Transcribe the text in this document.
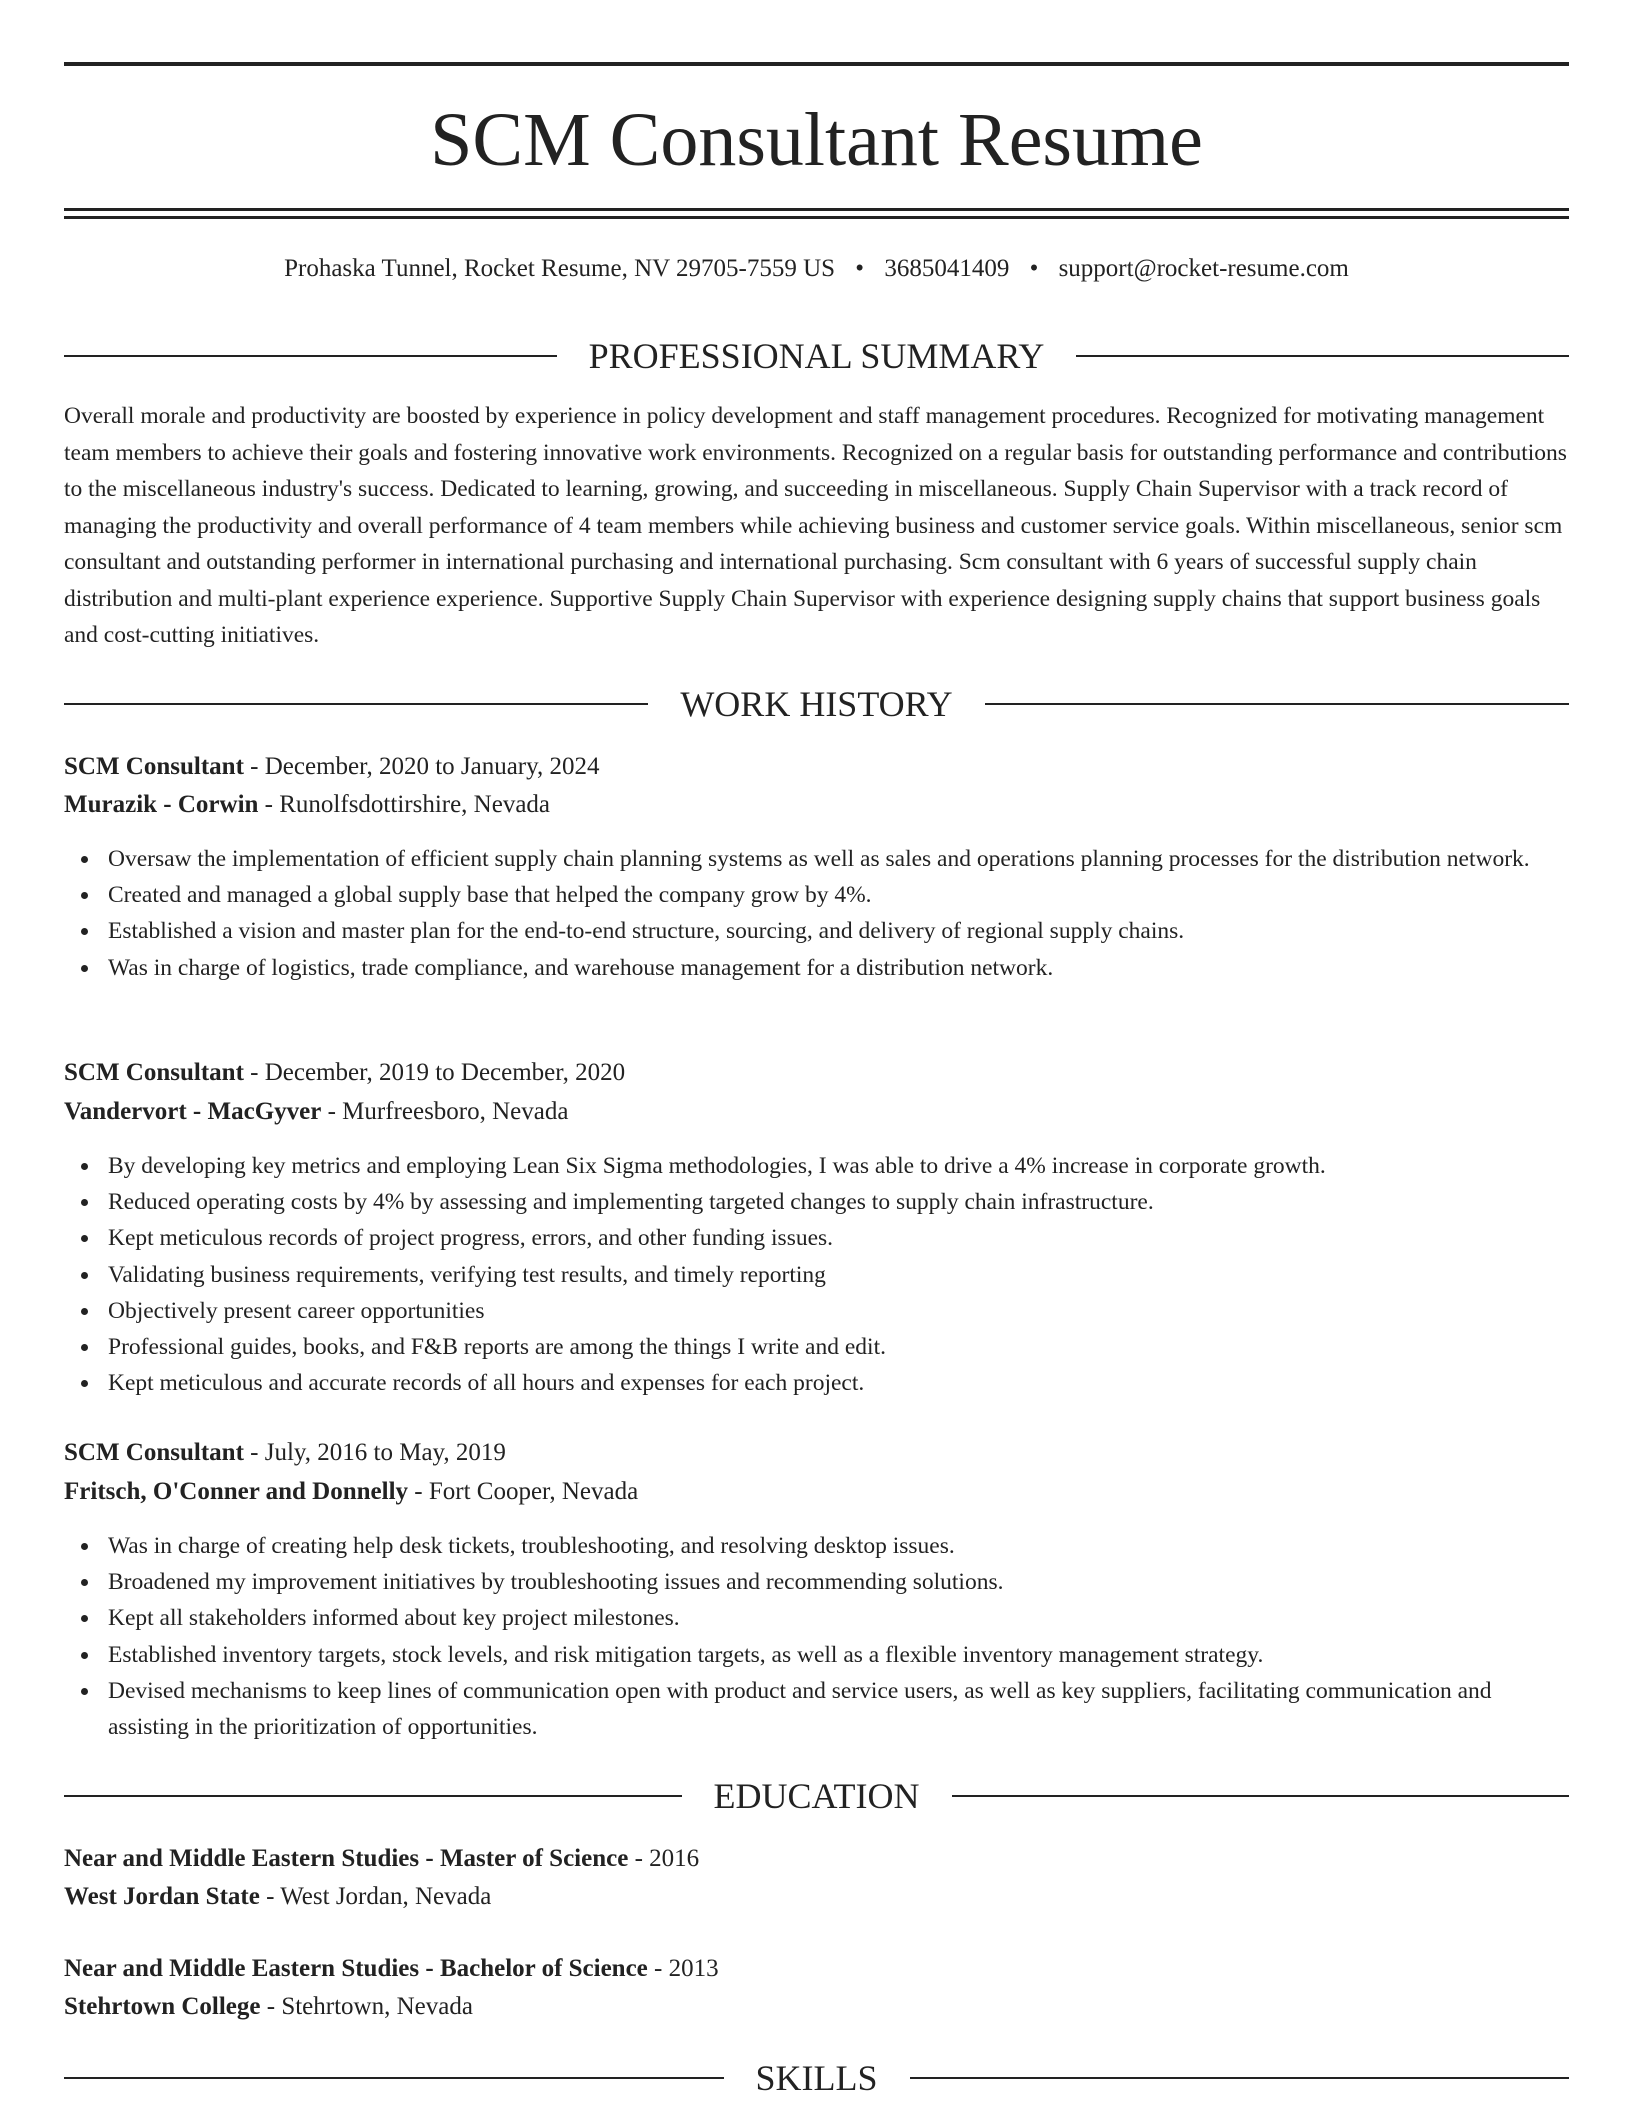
SCM Consultant Resume
Prohaska Tunnel, Rocket Resume, NV 29705-7559 US • 3685041409 • support@rocket-resume.com
PROFESSIONAL SUMMARY

Overall morale and productivity are boosted by experience in policy development and staff management procedures. Recognized for motivating management team members to achieve their goals and fostering innovative work environments. Recognized on a regular basis for outstanding performance and contributions to the miscellaneous industry's success. Dedicated to learning, growing, and succeeding in miscellaneous. Supply Chain Supervisor with a track record of managing the productivity and overall performance of 4 team members while achieving business and customer service goals. Within miscellaneous, senior scm consultant and outstanding performer in international purchasing and international purchasing. Scm consultant with 6 years of successful supply chain distribution and multi-plant experience experience. Supportive Supply Chain Supervisor with experience designing supply chains that support business goals and cost-cutting initiatives.

WORK HISTORY
SCM Consultant - December, 2020 to January, 2024
Murazik - Corwin - Runolfsdottirshire, Nevada
Oversaw the implementation of efficient supply chain planning systems as well as sales and operations planning processes for the distribution network.
Created and managed a global supply base that helped the company grow by 4%.
Established a vision and master plan for the end-to-end structure, sourcing, and delivery of regional supply chains.
Was in charge of logistics, trade compliance, and warehouse management for a distribution network.
SCM Consultant - December, 2019 to December, 2020
Vandervort - MacGyver - Murfreesboro, Nevada
By developing key metrics and employing Lean Six Sigma methodologies, I was able to drive a 4% increase in corporate growth.
Reduced operating costs by 4% by assessing and implementing targeted changes to supply chain infrastructure.
Kept meticulous records of project progress, errors, and other funding issues.
Validating business requirements, verifying test results, and timely reporting
Objectively present career opportunities
Professional guides, books, and F&B reports are among the things I write and edit.
Kept meticulous and accurate records of all hours and expenses for each project.
SCM Consultant - July, 2016 to May, 2019
Fritsch, O'Conner and Donnelly - Fort Cooper, Nevada
Was in charge of creating help desk tickets, troubleshooting, and resolving desktop issues.
Broadened my improvement initiatives by troubleshooting issues and recommending solutions.
Kept all stakeholders informed about key project milestones.
Established inventory targets, stock levels, and risk mitigation targets, as well as a flexible inventory management strategy.
Devised mechanisms to keep lines of communication open with product and service users, as well as key suppliers, facilitating communication and assisting in the prioritization of opportunities.
EDUCATION
Near and Middle Eastern Studies - Master of Science - 2016
West Jordan State - West Jordan, Nevada
Near and Middle Eastern Studies - Bachelor of Science - 2013
Stehrtown College - Stehrtown, Nevada
SKILLS
